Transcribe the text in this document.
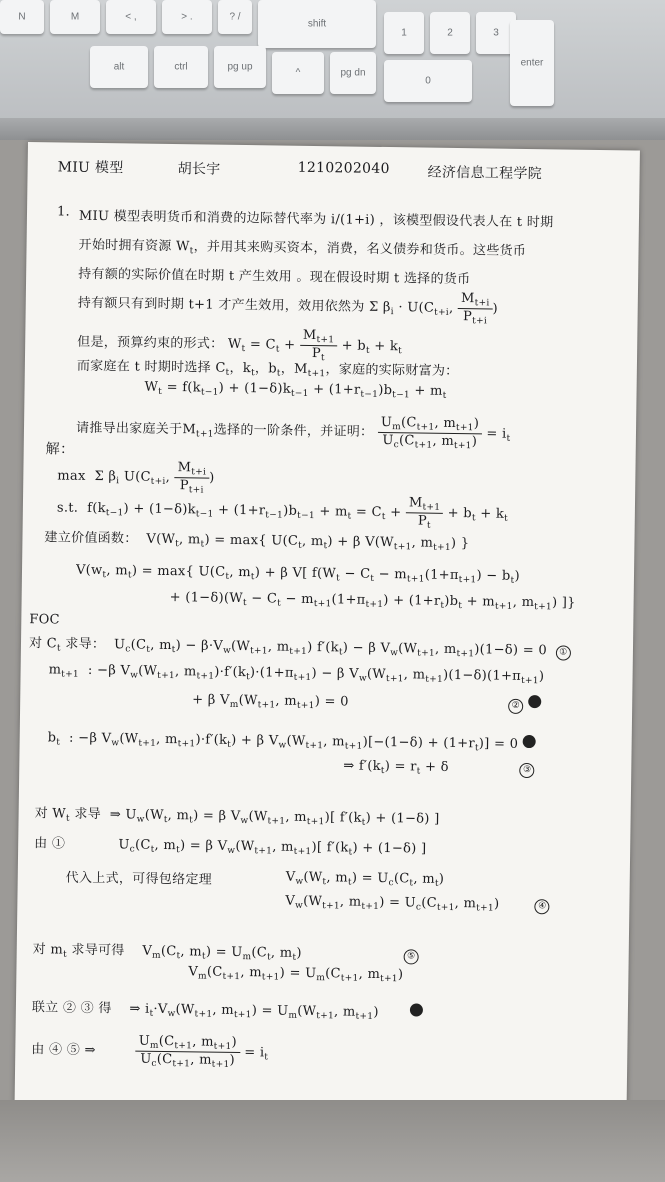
N	M	< ,	> .	? /
shift
1	2	3
alt	ctrl	pg up
^	pg dn
0
enter
MIU 模型	胡长宇	1210202040	经济信息工程学院
1. MIU 模型表明货币和消费的边际替代率为 i/(1+i) ，该模型假设代表人在 t 时期
开始时拥有资源 $W_t$，并用其来购买资本，消费，名义债券和货币。这些货币
持有额的实际价值在时期 t 产生效用 。现在假设时期 t 选择的货币
持有额只有到时期 t+1 才产生效用，效用依然为 Σ $\beta_i \cdot U(C_{t+i}$, $\frac{M_{t+i}}{P_{t+i}}$ )
但是，预算约束的形式： $W_t = C_t + \frac{M_{t+1}}{P_t} + b_t + k_t$
而家庭在 t 时期时选择 $C_t$，$k_t$，$b_t$，$M_{t+1}$，家庭的实际财富为：
$W_t = f(k_{t-1}) + (1-\delta)k_{t-1} + (1+r_{t-1})b_{t-1} + m_t$
请推导出家庭关于$M_{t+1}$选择的一阶条件，并证明： $\frac{U_m(C_{t+1}, m_{t+1})}{U_c(C_{t+1}, m_{t+1})} = i_t$
解：
max Σ $\beta_i$ $U(C_{t+i}$, $\frac{M_{t+i}}{P_{t+i}}$ )
s.t. $f(k_{t-1}) + (1-\delta)k_{t-1} + (1+r_{t-1})b_{t-1} + m_t = C_t + \frac{M_{t+1}}{P_t} + b_t + k_t$
建立价值函数： $V(W_t$, $m_t) = \max${ $U(C_t$, $m_t) + \beta$ $V(W_{t+1}$, $m_{t+1}$) }
$V(w_t$, $m_t) = \max${ $U(C_t$, $m_t) + \beta$ V[ $f(W_t - C_t - m_{t+1}(1+\pi_{t+1}) - b_t)$
+ $(1-\delta)(W_t - C_t - m_{t+1}(1+\pi_{t+1}) + (1+r_t)b_t + m_{t+1}$, $m_{t+1}$) ]}
FOC
对 $C_t$ 求导：  $U_c(C_t$, $m_t) - \beta\cdot V_w(W_{t+1}$, $m_{t+1}$) $f'(k_t) - \beta$ $V_w(W_{t+1}$, $m_{t+1})(1-\delta) = 0$  ①
$m_{t+1}$ : −β $V_w(W_{t+1}$, $m_{t+1})\cdot f'(k_t)\cdot(1+\pi_{t+1}) - \beta$ $V_w(W_{t+1}$, $m_{t+1})(1-\delta)(1+\pi_{t+1})$
+ β $V_m(W_{t+1}$, $m_{t+1}) = 0$                                    ②
$b_t$ : −β $V_w(W_{t+1}$, $m_{t+1})\cdot f'(k_t) + \beta$ $V_w(W_{t+1}$, $m_{t+1})[-(1-\delta) + (1+r_t)] = 0$
⇒ $f'(k_t) = r_t + \delta$                ③
对 $W_t$ 求导  ⇒ $U_w(W_t$, $m_t) = \beta$ $V_w(W_{t+1}$, $m_{t+1}$)[ $f'(k_t) + (1-\delta)$ ]
由 ①	$U_c(C_t$, $m_t) = \beta$ $V_w(W_{t+1}$, $m_{t+1}$)[ $f'(k_t) + (1-\delta)$ ]
代入上式，可得包络定理	$V_w(W_t$, $m_t) = U_c(C_t$, $m_t$)
$V_w(W_{t+1}$, $m_{t+1}) = U_c(C_{t+1}$, $m_{t+1}$)        ④
对 $m_t$ 求导可得    $V_m(C_t$, $m_t) = U_m(C_t$, $m_t$)                       ⑤
$V_m(C_{t+1}$, $m_{t+1}) = U_m(C_{t+1}$, $m_{t+1}$)
联立 ② ③ 得 ⇒ $i_t\cdot V_w(W_{t+1}$, $m_{t+1}) = U_m(W_{t+1}$, $m_{t+1}$)
由 ④ ⑤ ⇒	$\frac{U_m(C_{t+1}, m_{t+1})}{U_c(C_{t+1}, m_{t+1})} = i_t$
